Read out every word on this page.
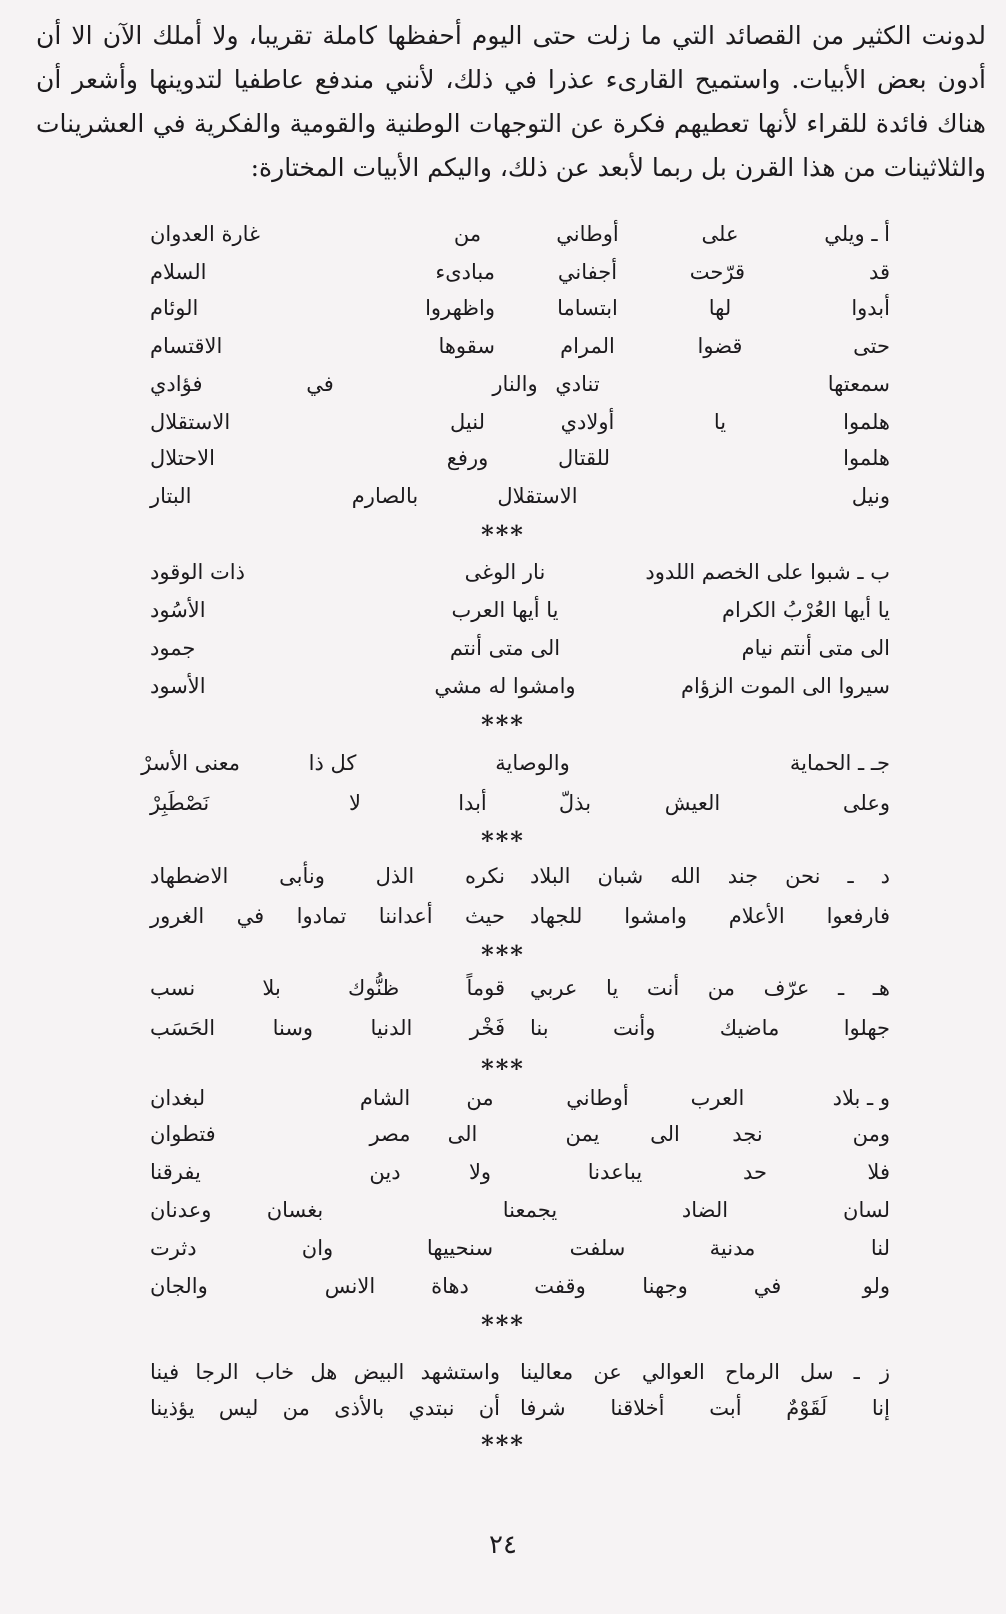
لدونت الكثير من القصائد التي ما زلت حتى اليوم أحفظها كاملة تقريبا، ولا أملك الآن الا أن أدون بعض الأبيات. واستميح القارىء عذرا في ذلك، لأنني مندفع عاطفيا لتدوينها وأشعر أن هناك فائدة للقراء لأنها تعطيهم فكرة عن التوجهات الوطنية والقومية والفكرية في العشرينات والثلاثينات من هذا القرن بل ربما لأبعد عن ذلك، واليكم الأبيات المختارة:
أ ـ ويلي
على
أوطاني
من
غارة العدوان
قد
قرّحت
أجفاني
مبادىء
السلام
أبدوا
لها
ابتساما
واظهروا
الوئام
حتى
قضوا
المرام
سقوها
الاقتسام
سمعتها
تنادي
والنار
في
فؤادي
هلموا
يا
أولادي
لنيل
الاستقلال
هلموا
للقتال
ورفع
الاحتلال
ونيل
الاستقلال
بالصارم
البتار
***
ب ـ شبوا على الخصم اللدود
نار الوغى
ذات الوقود
يا أيها العُرْبُ الكرام
يا أيها العرب
الأسُود
الى متى أنتم نيام
الى متى أنتم
جمود
سيروا الى الموت الزؤام
وامشوا له مشي
الأسود
***
جـ ـ الحماية
والوصاية
كل ذا
معنى الأسرْ
وعلى
العيش
بذلّ
أبدا
لا
نَصْطَبِرْ
***
د ـ نحن جند الله شبان البلاد
نكره الذل ونأبى الاضطهاد
فارفعوا الأعلام وامشوا للجهاد
حيث أعداننا تمادوا في الغرور
***
هـ ـ عرّف من أنت يا عربي
قوماً ظنُّوك بلا نسب
جهلوا ماضيك وأنت بنا
فَخْر الدنيا وسنا الحَسَب
***
و ـ بلاد
العرب
أوطاني
من
الشام
لبغدان
ومن
نجد
الى
يمن
الى
مصر
فتطوان
فلا
حد
يباعدنا
ولا
دين
يفرقنا
لسان
الضاد
يجمعنا
بغسان
وعدنان
لنا
مدنية
سلفت
سنحييها
وان
دثرت
ولو
في
وجهنا
وقفت
دهاة
الانس
والجان
***
ز ـ سل الرماح العوالي عن معالينا
واستشهد البيض هل خاب الرجا فينا
إنا لَقَوْمٌ أبت أخلاقنا شرفا
أن نبتدي بالأذى من ليس يؤذينا
***
٢٤
